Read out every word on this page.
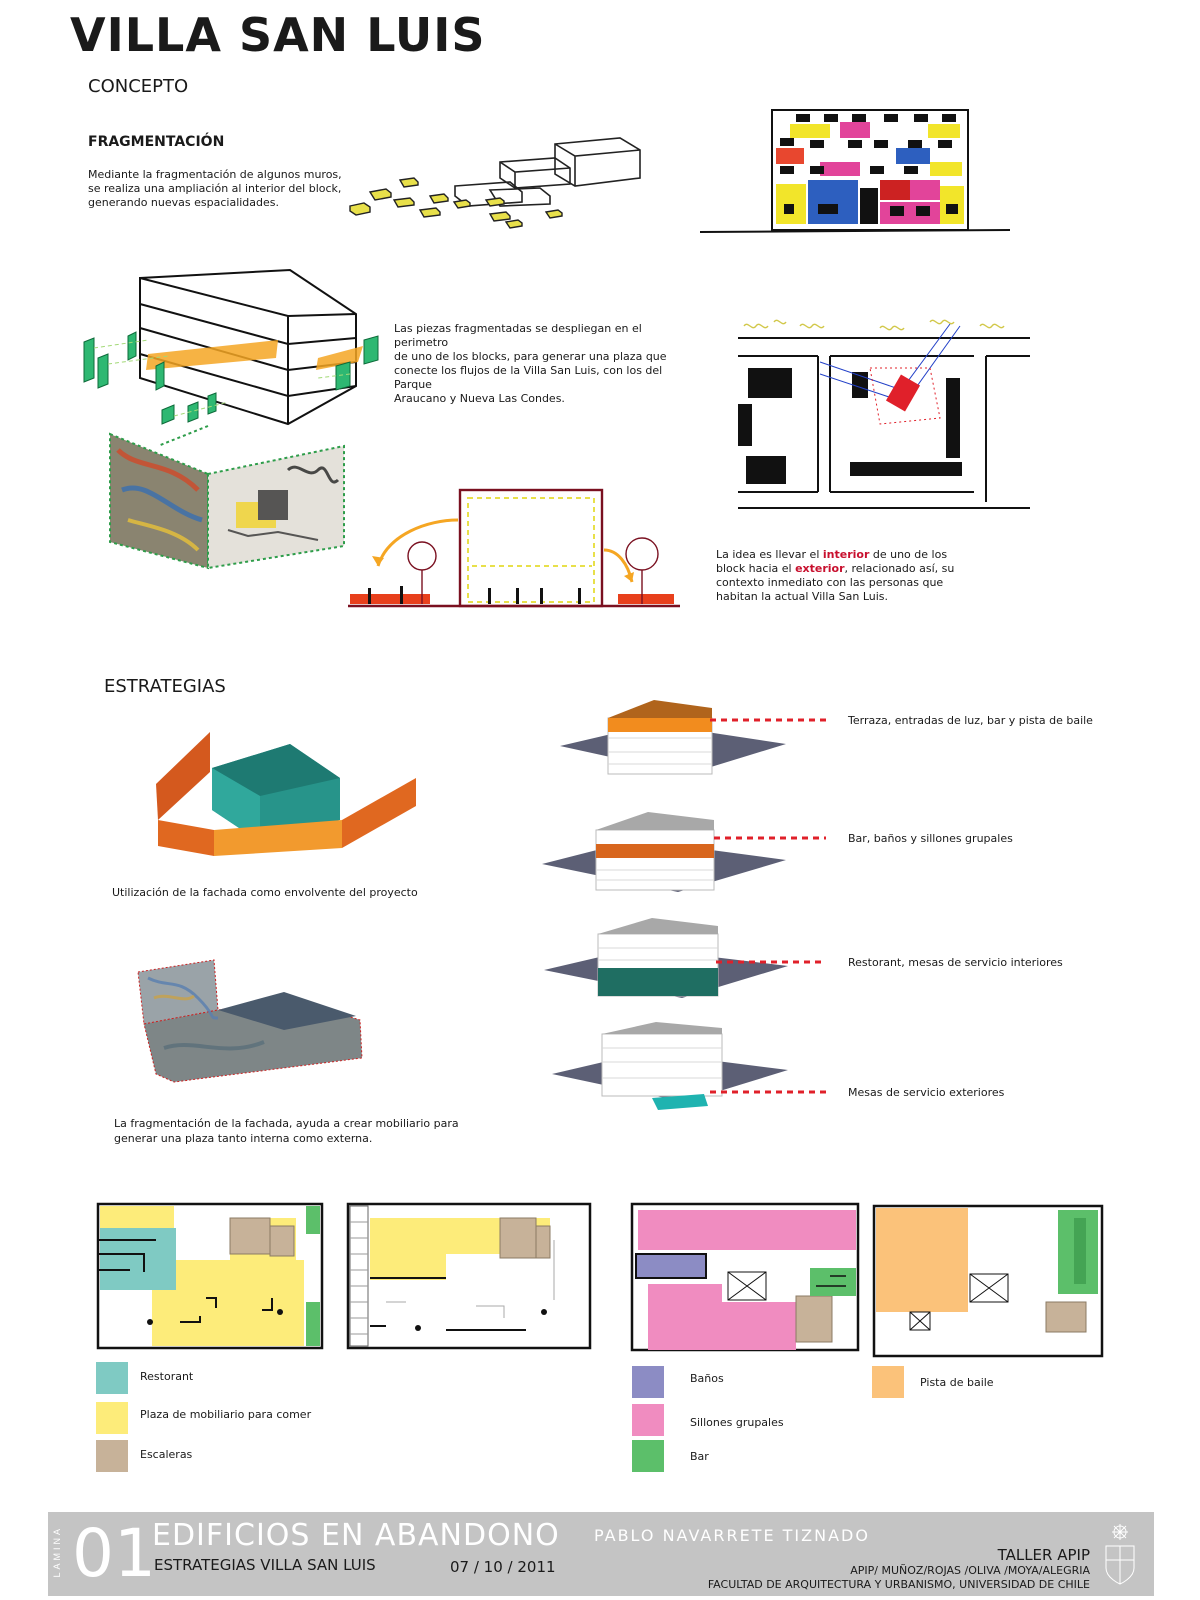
VILLA SAN LUIS
CONCEPTO
FRAGMENTACIÓN
Mediante la fragmentación de algunos muros,
se realiza una ampliación al interior del block,
generando nuevas espacialidades.
Las piezas fragmentadas se despliegan en el perimetro
de uno de los blocks, para generar una plaza que
conecte los flujos de la Villa San Luis, con los del Parque
Araucano y Nueva Las Condes.
La idea es llevar el interior de uno de los
block hacia el exterior, relacionado así, su
contexto inmediato con las personas que
habitan la actual Villa San Luis.
ESTRATEGIAS
Utilización de la fachada como envolvente del proyecto
La fragmentación de la fachada, ayuda a crear mobiliario para
generar una plaza tanto interna como externa.
Terraza, entradas de luz, bar y pista de baile
Bar, baños y sillones grupales
Restorant, mesas de servicio interiores
Mesas de servicio exteriores
Restorant
Plaza de mobiliario para comer
Escaleras
Baños
Sillones grupales
Bar
Pista de baile
LAMINA 01
EDIFICIOS EN ABANDONO
ESTRATEGIAS VILLA SAN LUIS
PABLO NAVARRETE TIZNADO
07 / 10 / 2011
TALLER APIP
APIP/ MUÑOZ/ROJAS /OLIVA /MOYA/ALEGRIA
FACULTAD DE ARQUITECTURA Y URBANISMO, UNIVERSIDAD DE CHILE
